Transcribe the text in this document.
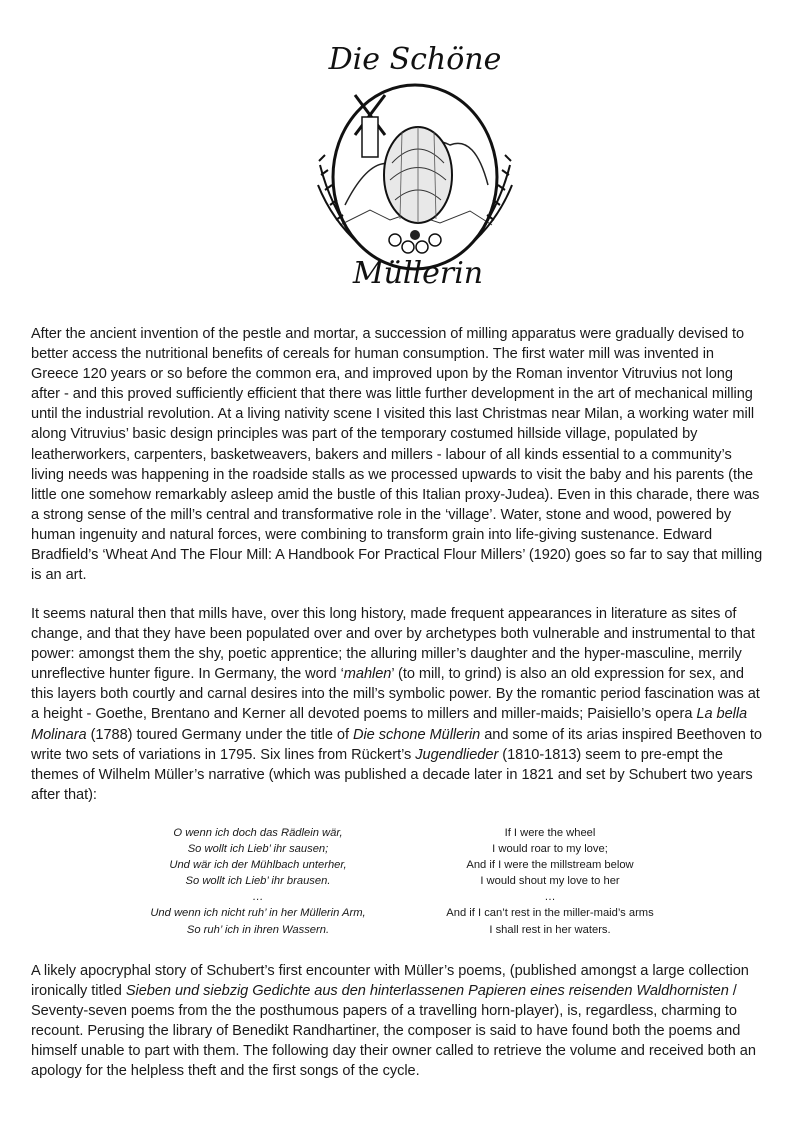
Die Schöne
Müllerin

After the ancient invention of the pestle and mortar, a succession of milling apparatus were gradually devised to better access the nutritional benefits of cereals for human consumption. The first water mill was invented in Greece 120 years or so before the common era, and improved upon by the Roman inventor Vitruvius not long after - and this proved sufficiently efficient that there was little further development in the art of mechanical milling until the industrial revolution. At a living nativity scene I visited this last Christmas near Milan, a working water mill along Vitruvius’ basic design principles was part of the temporary costumed hillside village, populated by leatherworkers, carpenters, basketweavers, bakers and millers - labour of all kinds essential to a community’s living needs was happening in the roadside stalls as we processed upwards to visit the baby and his parents (the little one somehow remarkably asleep amid the bustle of this Italian proxy-Judea). Even in this charade, there was a strong sense of the mill’s central and transformative role in the ‘village’. Water, stone and wood, powered by human ingenuity and natural forces, were combining to transform grain into life-giving sustenance. Edward Bradfield’s ‘Wheat And The Flour Mill: A Handbook For Practical Flour Millers’ (1920) goes so far to say that milling is an art.

It seems natural then that mills have, over this long history, made frequent appearances in literature as sites of change, and that they have been populated over and over by archetypes both vulnerable and instrumental to that power: amongst them the shy, poetic apprentice; the alluring miller’s daughter and the hyper-masculine, merrily unreflective hunter figure. In Germany, the word ‘mahlen’ (to mill, to grind) is also an old expression for sex, and this layers both courtly and carnal desires into the mill’s symbolic power. By the romantic period fascination was at a height - Goethe, Brentano and Kerner all devoted poems to millers and miller-maids; Paisiello’s opera La bella Molinara (1788) toured Germany under the title of Die schone Müllerin and some of its arias inspired Beethoven to write two sets of variations in 1795. Six lines from Rückert’s Jugendlieder (1810-1813) seem to pre-empt the themes of Wilhelm Müller’s narrative (which was published a decade later in 1821 and set by Schubert two years after that):

O wenn ich doch das Rädlein wär,
So wollt ich Lieb’ ihr sausen;
Und wär ich der Mühlbach unterher,
So wollt ich Lieb’ ihr brausen.
…
Und wenn ich nicht ruh’ in her Müllerin Arm,
So ruh’ ich in ihren Wassern.
If I were the wheel
I would roar to my love;
And if I were the millstream below
I would shout my love to her
…
And if I can’t rest in the miller-maid’s arms
I shall rest in her waters.

A likely apocryphal story of Schubert’s first encounter with Müller’s poems, (published amongst a large collection ironically titled Sieben und siebzig Gedichte aus den hinterlassenen Papieren eines reisenden Waldhornisten / Seventy-seven poems from the the posthumous papers of a travelling horn-player), is, regardless, charming to recount. Perusing the library of Benedikt Randhartiner, the composer is said to have found both the poems and himself unable to part with them. The following day their owner called to retrieve the volume and received both an apology for the helpless theft and the first songs of the cycle.
